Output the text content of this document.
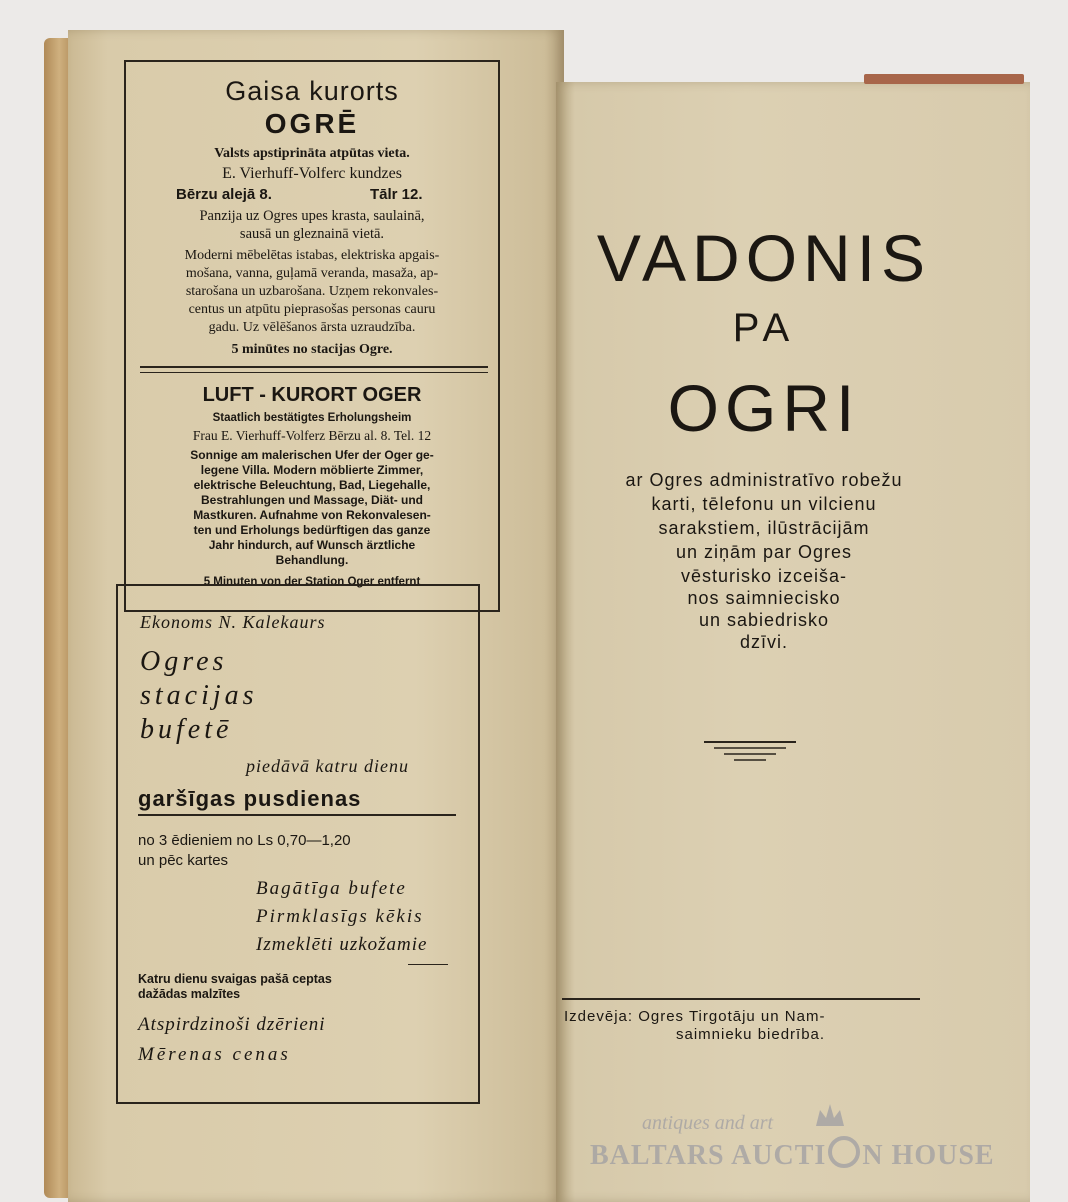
Gaisa kurorts
OGRĒ
Valsts apstiprināta atpūtas vieta.
E. Vierhuff-Volferc kundzes
Bērzu alejā 8.	Tālr 12.
Panzija uz Ogres upes krasta, saulainā,
sausā un gleznainā vietā.
Moderni mēbelētas istabas, elektriska apgais-
mošana, vanna, guļamā veranda, masaža, ap-
starošana un uzbarošana. Uzņem rekonvales-
centus un atpūtu pieprasošas personas cauru
gadu. Uz vēlēšanos ārsta uzraudzība.
5 minūtes no stacijas Ogre.
LUFT - KURORT OGER
Staatlich bestätigtes Erholungsheim
Frau E. Vierhuff-Volferz Bērzu al. 8. Tel. 12
Sonnige am malerischen Ufer der Oger ge-
legene Villa. Modern möblierte Zimmer,
elektrische Beleuchtung, Bad, Liegehalle,
Bestrahlungen und Massage, Diät- und
Mastkuren. Aufnahme von Rekonvalesen-
ten und Erholungs bedürftigen das ganze
Jahr hindurch, auf Wunsch ärztliche
Behandlung.
5 Minuten von der Station Oger entfernt
Ekonoms N. Kalekaurs
Ogres
stacijas
bufetē
piedāvā katru dienu
garšīgas pusdienas
no 3 ēdieniem no Ls 0,70—1,20
un pēc kartes
Bagātīga bufete
Pirmklasīgs kēkis
Izmeklēti uzkožamie
Katru dienu svaigas pašā ceptas
dažādas malzītes
Atspirdzinoši dzērieni
Mērenas cenas
VADONIS
PA
OGRI
ar Ogres administratīvo robežu
karti, tēlefonu un vilcienu
sarakstiem, ilūstrācijām
un ziņām par Ogres
vēsturisko izceiša-
nos saimniecisko
un sabiedrisko
dzīvi.
Izdevēja: Ogres Tirgotāju un Nam-
saimnieku biedrība.
antiques and art
BALTARS AUCTI N HOUSE
